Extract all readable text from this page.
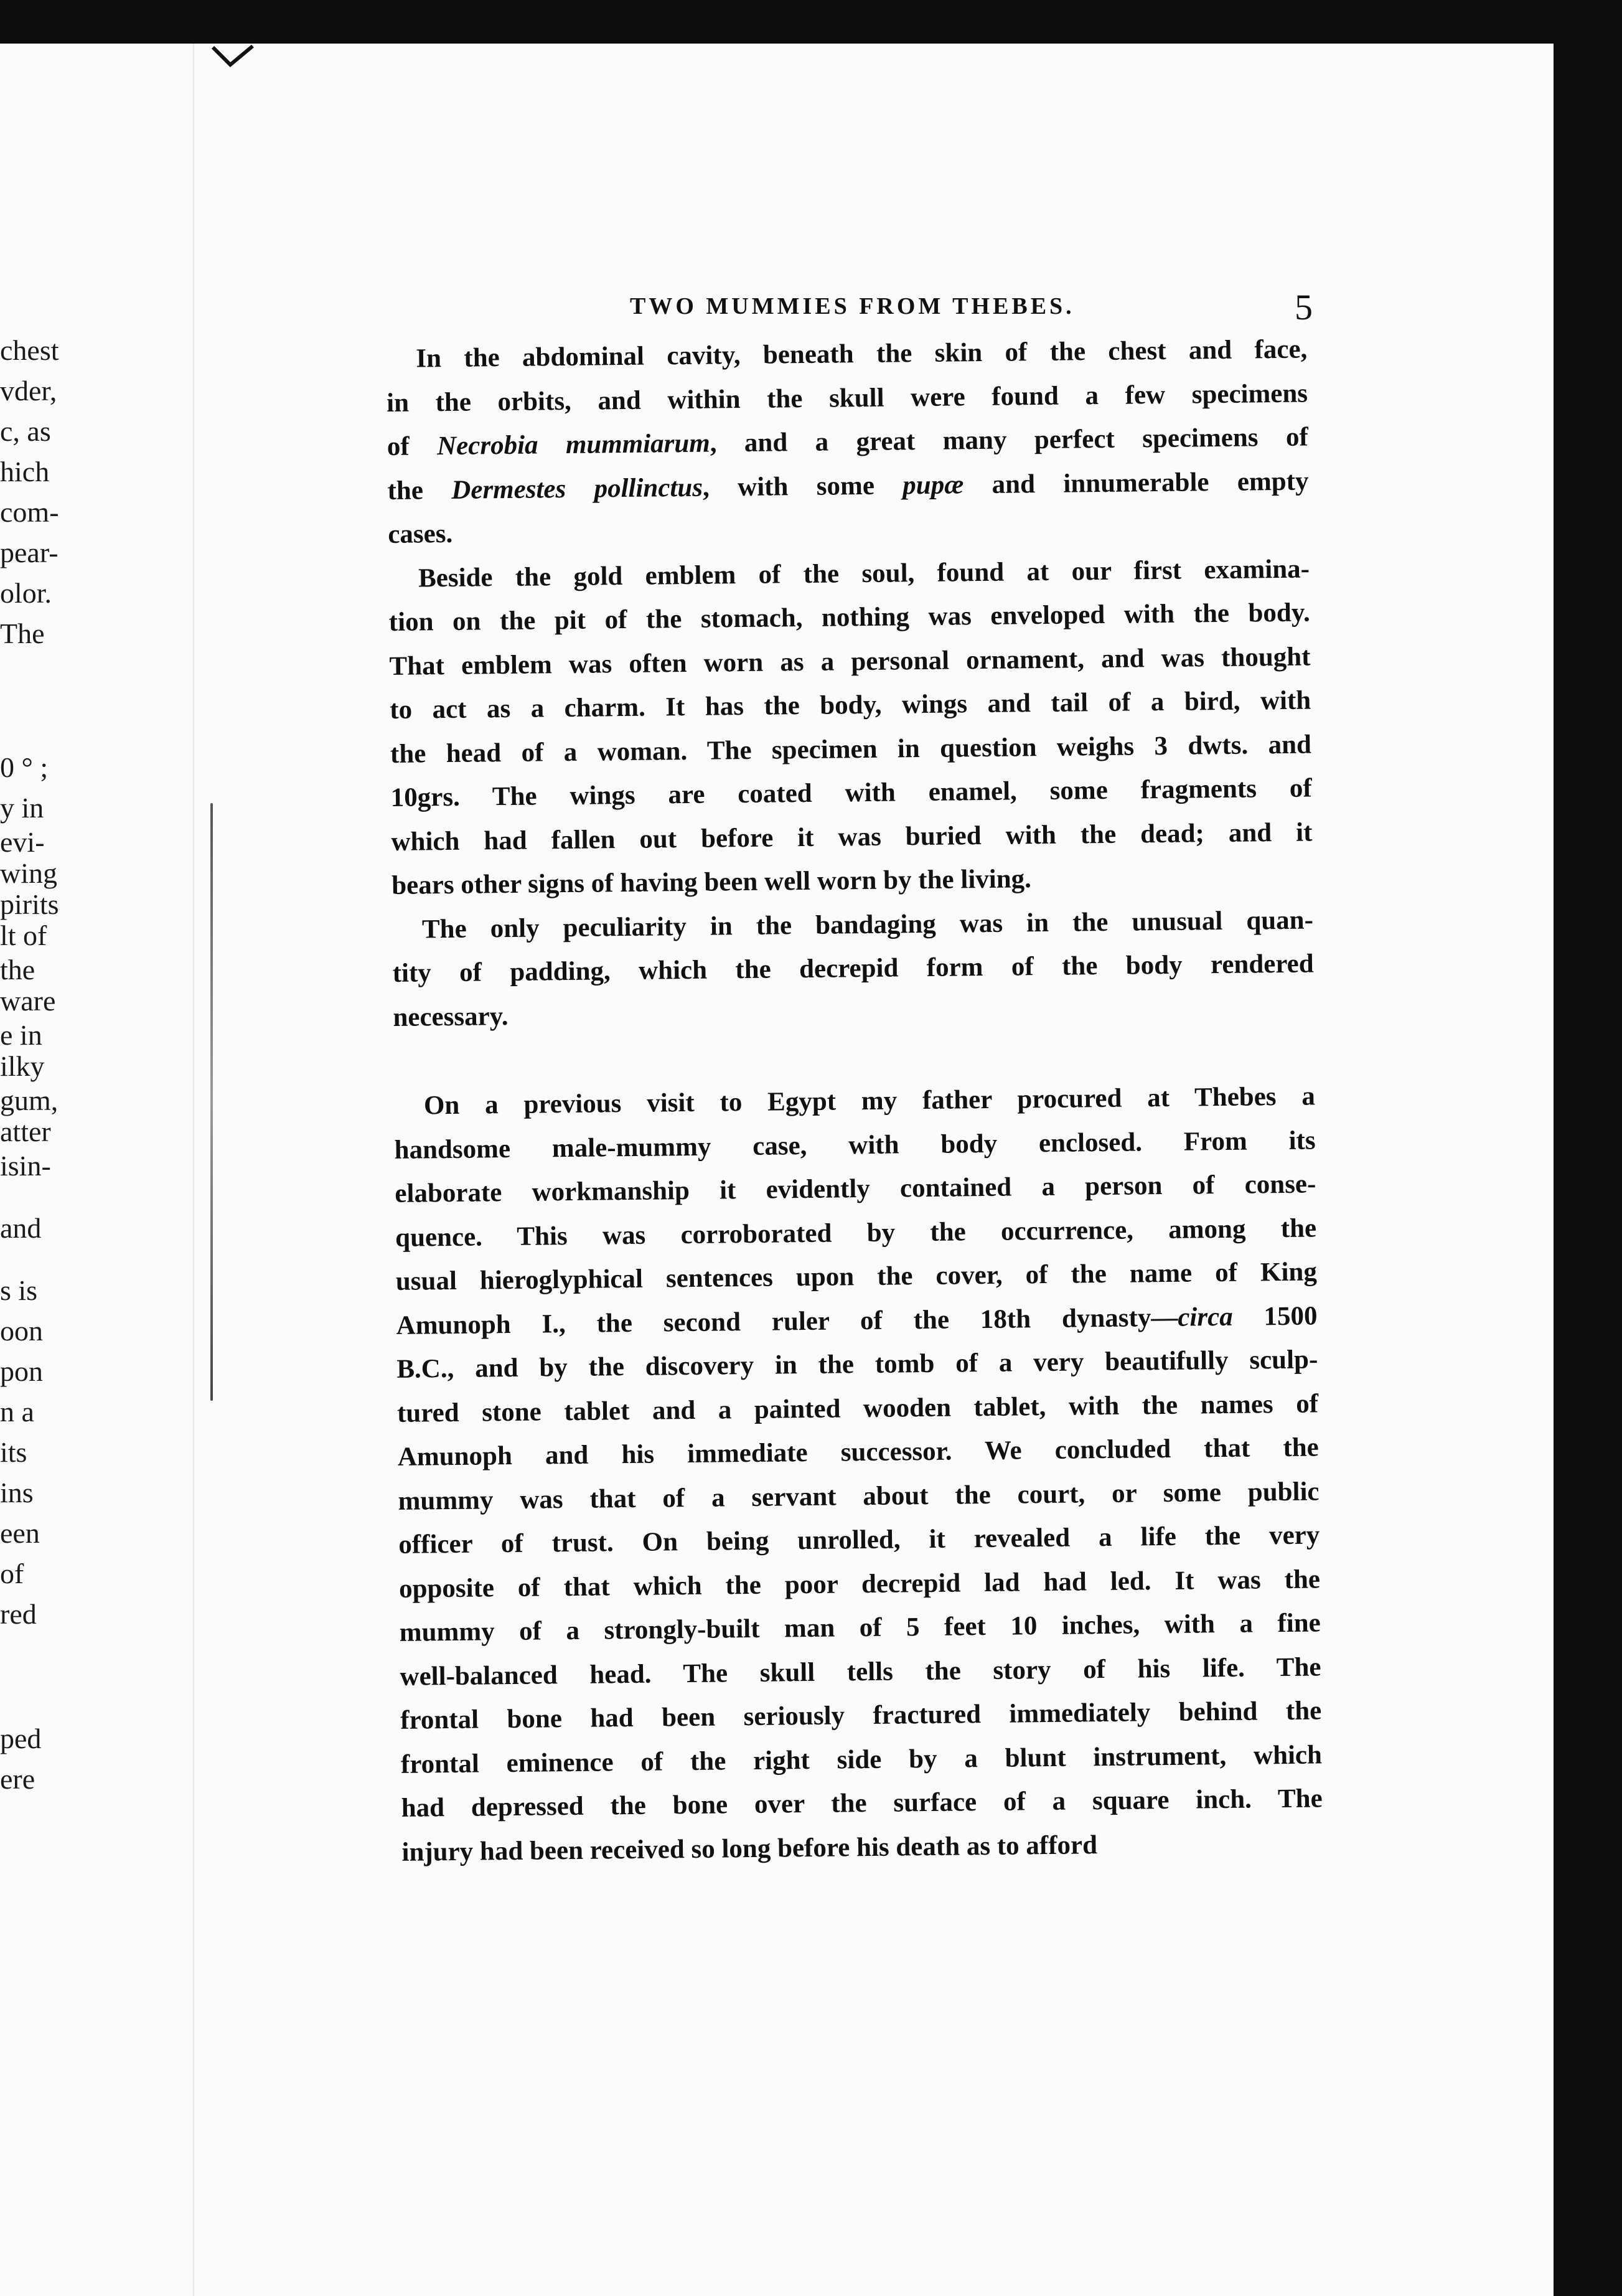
chest
vder,
c, as
hich
com-
pear-
olor.
The
0 ° ;
y in
evi-
wing
pirits
lt of
the
ware
e in
ilky
gum,
atter
isin-
and
s is
oon
pon
n a
its
ins
een
of
red
ped
ere
TWO MUMMIES FROM THEBES.	5
In the abdominal cavity, beneath the skin of the chest and face,
in the orbits, and within the skull were found a few specimens
of Necrobia mummiarum, and a great many perfect specimens of
the Dermestes pollinctus, with some pupæ and innumerable empty
cases.
Beside the gold emblem of the soul, found at our first examina-
tion on the pit of the stomach, nothing was enveloped with the body.
That emblem was often worn as a personal ornament, and was thought
to act as a charm. It has the body, wings and tail of a bird, with
the head of a woman. The specimen in question weighs 3 dwts. and
10grs. The wings are coated with enamel, some fragments of
which had fallen out before it was buried with the dead; and it
bears other signs of having been well worn by the living.
The only peculiarity in the bandaging was in the unusual quan-
tity of padding, which the decrepid form of the body rendered
necessary.
On a previous visit to Egypt my father procured at Thebes a
handsome male-mummy case, with body enclosed. From its
elaborate workmanship it evidently contained a person of conse-
quence. This was corroborated by the occurrence, among the
usual hieroglyphical sentences upon the cover, of the name of King
Amunoph I., the second ruler of the 18th dynasty—circa 1500
B.C., and by the discovery in the tomb of a very beautifully sculp-
tured stone tablet and a painted wooden tablet, with the names of
Amunoph and his immediate successor. We concluded that the
mummy was that of a servant about the court, or some public
officer of trust. On being unrolled, it revealed a life the very
opposite of that which the poor decrepid lad had led. It was the
mummy of a strongly-built man of 5 feet 10 inches, with a fine
well-balanced head. The skull tells the story of his life. The
frontal bone had been seriously fractured immediately behind the
frontal eminence of the right side by a blunt instrument, which
had depressed the bone over the surface of a square inch. The
injury had been received so long before his death as to afford
